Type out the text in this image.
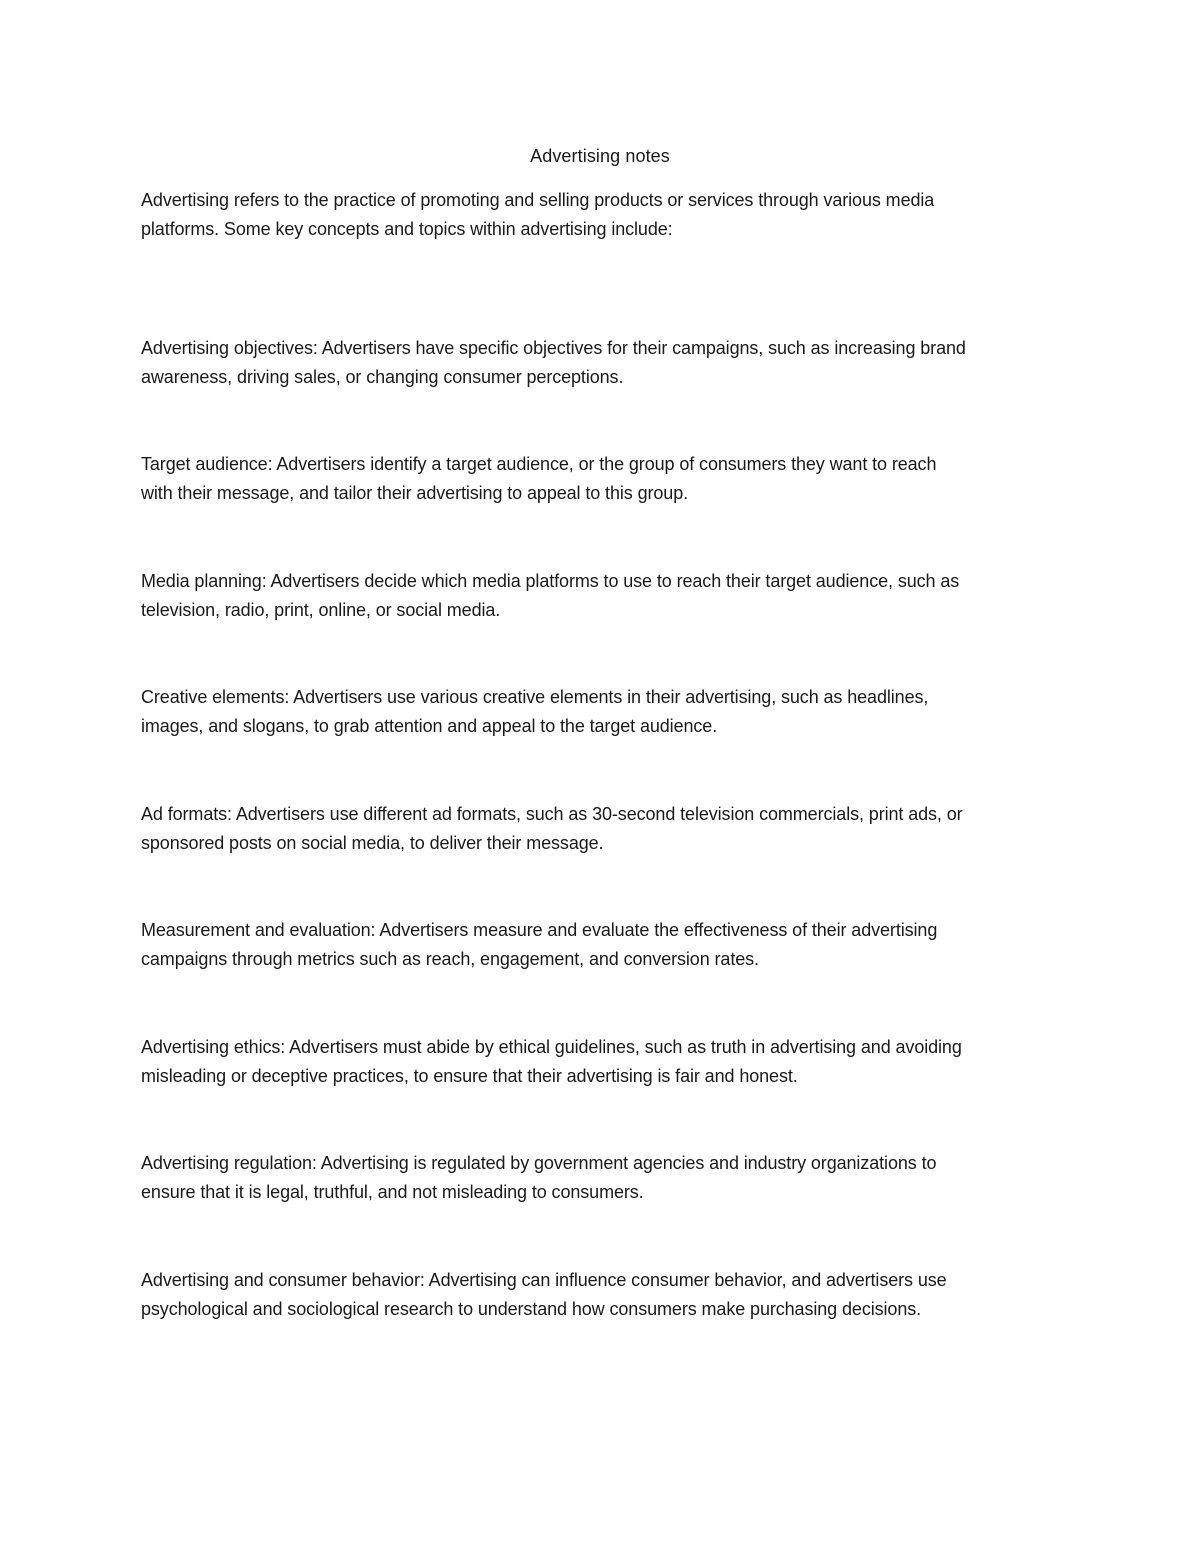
Advertising notes

Advertising refers to the practice of promoting and selling products or services through various media

platforms. Some key concepts and topics within advertising include:

Advertising objectives: Advertisers have specific objectives for their campaigns, such as increasing brand

awareness, driving sales, or changing consumer perceptions.

Target audience: Advertisers identify a target audience, or the group of consumers they want to reach

with their message, and tailor their advertising to appeal to this group.

Media planning: Advertisers decide which media platforms to use to reach their target audience, such as

television, radio, print, online, or social media.

Creative elements: Advertisers use various creative elements in their advertising, such as headlines,

images, and slogans, to grab attention and appeal to the target audience.

Ad formats: Advertisers use different ad formats, such as 30-second television commercials, print ads, or

sponsored posts on social media, to deliver their message.

Measurement and evaluation: Advertisers measure and evaluate the effectiveness of their advertising

campaigns through metrics such as reach, engagement, and conversion rates.

Advertising ethics: Advertisers must abide by ethical guidelines, such as truth in advertising and avoiding

misleading or deceptive practices, to ensure that their advertising is fair and honest.

Advertising regulation: Advertising is regulated by government agencies and industry organizations to

ensure that it is legal, truthful, and not misleading to consumers.

Advertising and consumer behavior: Advertising can influence consumer behavior, and advertisers use

psychological and sociological research to understand how consumers make purchasing decisions.
